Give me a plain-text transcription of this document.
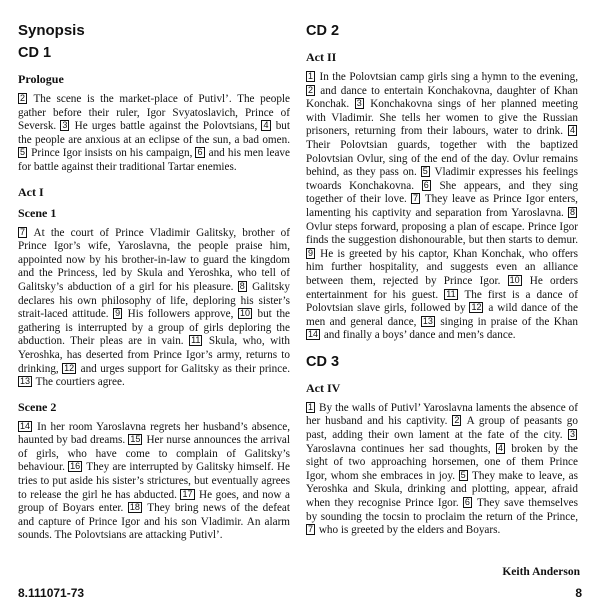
Synopsis
CD 1
Prologue

2 The scene is the market-place of Putivl’. The people gather before their ruler, Igor Svyatoslavich, Prince of Seversk. 3 He urges battle against the Polovtsians, 4 but the people are anxious at an eclipse of the sun, a bad omen. 5 Prince Igor insists on his campaign, 6 and his men leave for battle against their traditional Tartar enemies.

Act I
Scene 1

7 At the court of Prince Vladimir Galitsky, brother of Prince Igor’s wife, Yaroslavna, the people praise him, appointed now by his brother-in-law to guard the kingdom and the Princess, led by Skula and Yeroshka, who tell of Galitsky’s abduction of a girl for his pleasure. 8 Galitsky declares his own philosophy of life, deploring his sister’s strait-laced attitude. 9 His followers approve, 10 but the gathering is interrupted by a group of girls deploring the abduction. Their pleas are in vain. 11 Skula, who, with Yeroshka, has deserted from Prince Igor’s army, returns to drinking, 12 and urges support for Galitsky as their prince. 13 The courtiers agree.

Scene 2

14 In her room Yaroslavna regrets her husband’s absence, haunted by bad dreams. 15 Her nurse announces the arrival of girls, who have come to complain of Galitsky’s behaviour. 16 They are interrupted by Galitsky himself. He tries to put aside his sister’s strictures, but eventually agrees to release the girl he has abducted. 17 He goes, and now a group of Boyars enter. 18 They bring news of the defeat and capture of Prince Igor and his son Vladimir. An alarm sounds. The Polovtsians are attacking Putivl’.

CD 2
Act II

1 In the Polovtsian camp girls sing a hymn to the evening, 2 and dance to entertain Konchakovna, daughter of Khan Konchak. 3 Konchakovna sings of her planned meeting with Vladimir. She tells her women to give the Russian prisoners, returning from their labours, water to drink. 4 Their Polovtsian guards, together with the baptized Polovtsian Ovlur, sing of the end of the day. Ovlur remains behind, as they pass on. 5 Vladimir expresses his feelings twoards Konchakovna. 6 She appears, and they sing together of their love. 7 They leave as Prince Igor enters, lamenting his captivity and separation from Yaroslavna. 8 Ovlur steps forward, proposing a plan of escape. Prince Igor finds the suggestion dishonourable, but then starts to demur. 9 He is greeted by his captor, Khan Konchak, who offers him further hospitality, and suggests even an alliance between them, rejected by Prince Igor. 10 He orders entertainment for his guest. 11 The first is a dance of Polovtsian slave girls, followed by 12 a wild dance of the men and general dance, 13 singing in praise of the Khan 14 and finally a boys’ dance and men’s dance.

CD 3
Act IV

1 By the walls of Putivl’ Yaroslavna laments the absence of her husband and his captivity. 2 A group of peasants go past, adding their own lament at the fate of the city. 3 Yaroslavna continues her sad thoughts, 4 broken by the sight of two approaching horsemen, one of them Prince Igor, whom she embraces in joy. 5 They make to leave, as Yeroshka and Skula, drinking and plotting, appear, afraid when they recognise Prince Igor. 6 They save themselves by sounding the tocsin to proclaim the return of the Prince, 7 who is greeted by the elders and Boyars.

Keith Anderson
8.111071-73	8
